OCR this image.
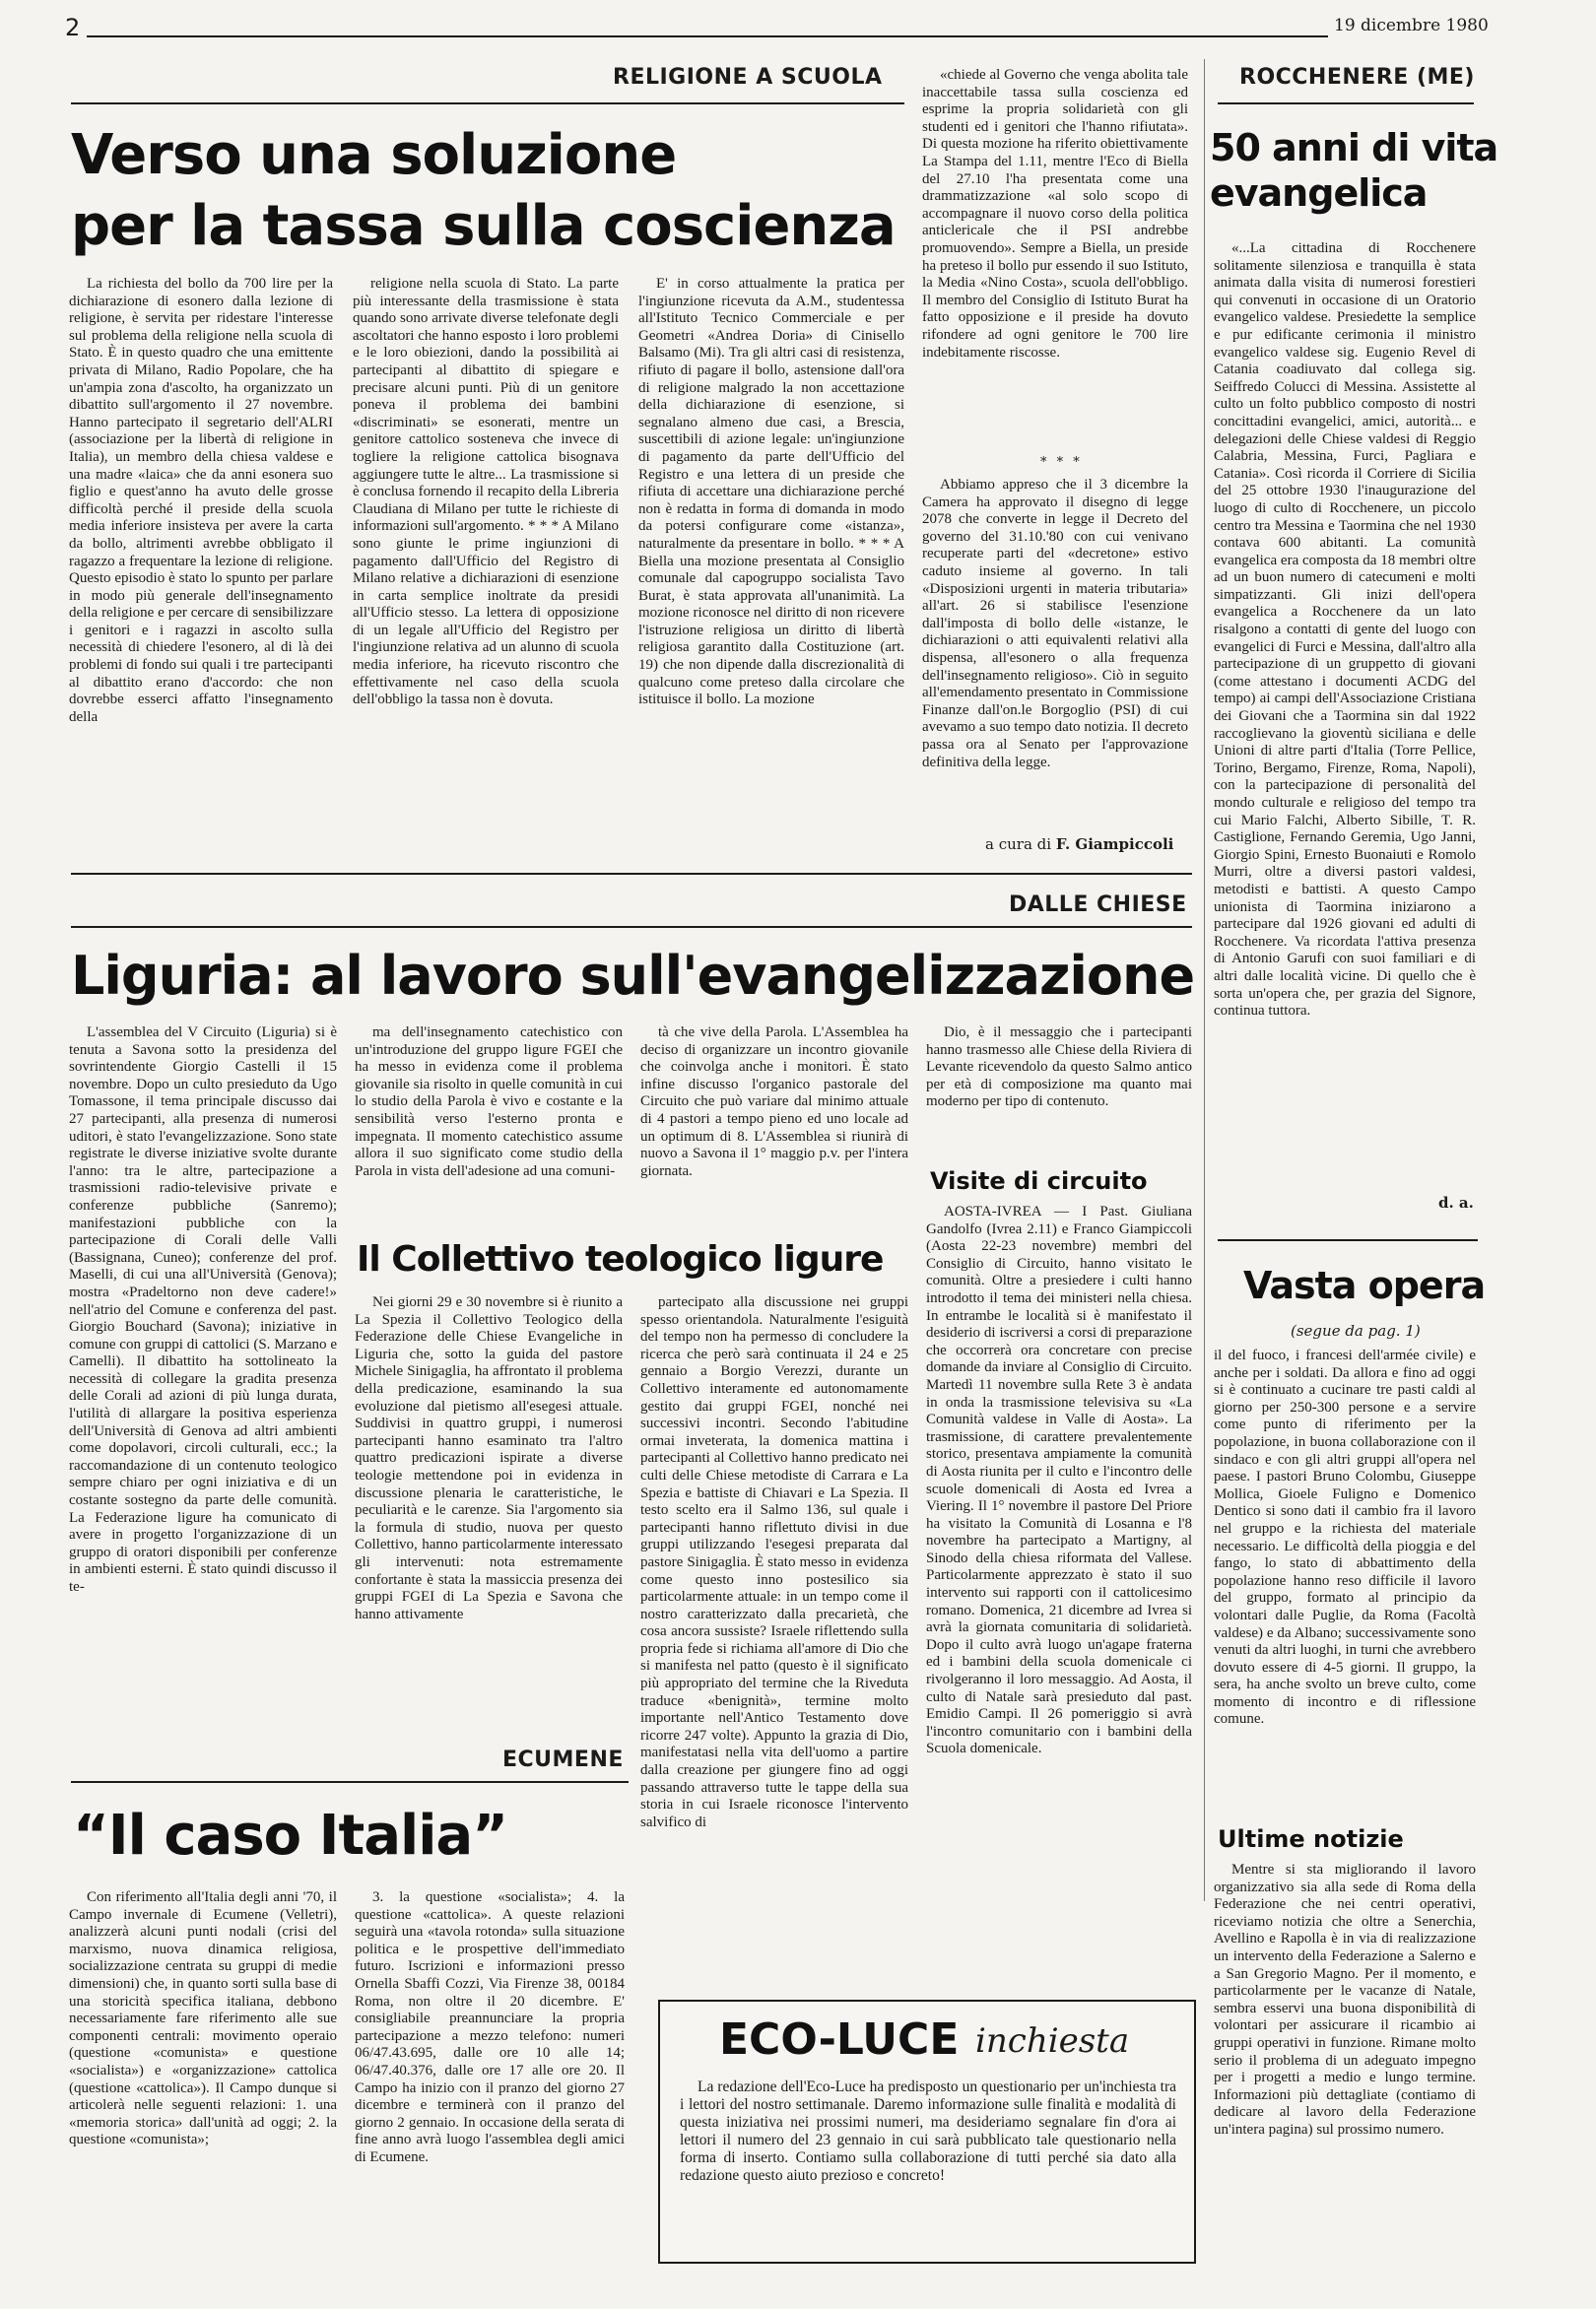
2	19 dicembre 1980
RELIGIONE A SCUOLA
Verso una soluzione
per la tassa sulla coscienza

La richiesta del bollo da 700 lire per la dichiarazione di esonero dalla lezione di religione, è servita per ridestare l'interesse sul problema della religione nella scuola di Stato. È in questo quadro che una emittente privata di Milano, Radio Popolare, che ha un'ampia zona d'ascolto, ha organizzato un dibattito sull'argomento il 27 novembre. Hanno partecipato il segretario dell'ALRI (associazione per la libertà di religione in Italia), un membro della chiesa valdese e una madre «laica» che da anni esonera suo figlio e quest'anno ha avuto delle grosse difficoltà perché il preside della scuola media inferiore insisteva per avere la carta da bollo, altrimenti avrebbe obbligato il ragazzo a frequentare la lezione di religione. Questo episodio è stato lo spunto per parlare in modo più generale dell'insegnamento della religione e per cercare di sensibilizzare i genitori e i ragazzi in ascolto sulla necessità di chiedere l'esonero, al di là dei problemi di fondo sui quali i tre partecipanti al dibattito erano d'accordo: che non dovrebbe esserci affatto l'insegnamento della

religione nella scuola di Stato. La parte più interessante della trasmissione è stata quando sono arrivate diverse telefonate degli ascoltatori che hanno esposto i loro problemi e le loro obiezioni, dando la possibilità ai partecipanti al dibattito di spiegare e precisare alcuni punti. Più di un genitore poneva il problema dei bambini «discriminati» se esonerati, mentre un genitore cattolico sosteneva che invece di togliere la religione cattolica bisognava aggiungere tutte le altre... La trasmissione si è conclusa fornendo il recapito della Libreria Claudiana di Milano per tutte le richieste di informazioni sull'argomento. * * * A Milano sono giunte le prime ingiunzioni di pagamento dall'Ufficio del Registro di Milano relative a dichiarazioni di esenzione in carta semplice inoltrate da presidi all'Ufficio stesso. La lettera di opposizione di un legale all'Ufficio del Registro per l'ingiunzione relativa ad un alunno di scuola media inferiore, ha ricevuto riscontro che effettivamente nel caso della scuola dell'obbligo la tassa non è dovuta.

E' in corso attualmente la pratica per l'ingiunzione ricevuta da A.M., studentessa all'Istituto Tecnico Commerciale e per Geometri «Andrea Doria» di Cinisello Balsamo (Mi). Tra gli altri casi di resistenza, rifiuto di pagare il bollo, astensione dall'ora di religione malgrado la non accettazione della dichiarazione di esenzione, si segnalano almeno due casi, a Brescia, suscettibili di azione legale: un'ingiunzione di pagamento da parte dell'Ufficio del Registro e una lettera di un preside che rifiuta di accettare una dichiarazione perché non è redatta in forma di domanda in modo da potersi configurare come «istanza», naturalmente da presentare in bollo. * * * A Biella una mozione presentata al Consiglio comunale dal capogruppo socialista Tavo Burat, è stata approvata all'unanimità. La mozione riconosce nel diritto di non ricevere l'istruzione religiosa un diritto di libertà religiosa garantito dalla Costituzione (art. 19) che non dipende dalla discrezionalità di qualcuno come preteso dalla circolare che istituisce il bollo. La mozione

«chiede al Governo che venga abolita tale inaccettabile tassa sulla coscienza ed esprime la propria solidarietà con gli studenti ed i genitori che l'hanno rifiutata». Di questa mozione ha riferito obiettivamente La Stampa del 1.11, mentre l'Eco di Biella del 27.10 l'ha presentata come una drammatizzazione «al solo scopo di accompagnare il nuovo corso della politica anticlericale che il PSI andrebbe promuovendo». Sempre a Biella, un preside ha preteso il bollo pur essendo il suo Istituto, la Media «Nino Costa», scuola dell'obbligo. Il membro del Consiglio di Istituto Burat ha fatto opposizione e il preside ha dovuto rifondere ad ogni genitore le 700 lire indebitamente riscosse.

* * *

Abbiamo appreso che il 3 dicembre la Camera ha approvato il disegno di legge 2078 che converte in legge il Decreto del governo del 31.10.'80 con cui venivano recuperate parti del «decretone» estivo caduto insieme al governo. In tali «Disposizioni urgenti in materia tributaria» all'art. 26 si stabilisce l'esenzione dall'imposta di bollo delle «istanze, le dichiarazioni o atti equivalenti relativi alla dispensa, all'esonero o alla frequenza dell'insegnamento religioso». Ciò in seguito all'emendamento presentato in Commissione Finanze dall'on.le Borgoglio (PSI) di cui avevamo a suo tempo dato notizia. Il decreto passa ora al Senato per l'approvazione definitiva della legge.

a cura di F. Giampiccoli
ROCCHENERE (ME)
50 anni di vita
evangelica

«...La cittadina di Rocchenere solitamente silenziosa e tranquilla è stata animata dalla visita di numerosi forestieri qui convenuti in occasione di un Oratorio evangelico valdese. Presiedette la semplice e pur edificante cerimonia il ministro evangelico valdese sig. Eugenio Revel di Catania coadiuvato dal collega sig. Seiffredo Colucci di Messina. Assistette al culto un folto pubblico composto di nostri concittadini evangelici, amici, autorità... e delegazioni delle Chiese valdesi di Reggio Calabria, Messina, Furci, Pagliara e Catania». Così ricorda il Corriere di Sicilia del 25 ottobre 1930 l'inaugurazione del luogo di culto di Rocchenere, un piccolo centro tra Messina e Taormina che nel 1930 contava 600 abitanti. La comunità evangelica era composta da 18 membri oltre ad un buon numero di catecumeni e molti simpatizzanti. Gli inizi dell'opera evangelica a Rocchenere da un lato risalgono a contatti di gente del luogo con evangelici di Furci e Messina, dall'altro alla partecipazione di un gruppetto di giovani (come attestano i documenti ACDG del tempo) ai campi dell'Associazione Cristiana dei Giovani che a Taormina sin dal 1922 raccoglievano la gioventù siciliana e delle Unioni di altre parti d'Italia (Torre Pellice, Torino, Bergamo, Firenze, Roma, Napoli), con la partecipazione di personalità del mondo culturale e religioso del tempo tra cui Mario Falchi, Alberto Sibille, T. R. Castiglione, Fernando Geremia, Ugo Janni, Giorgio Spini, Ernesto Buonaiuti e Romolo Murri, oltre a diversi pastori valdesi, metodisti e battisti. A questo Campo unionista di Taormina iniziarono a partecipare dal 1926 giovani ed adulti di Rocchenere. Va ricordata l'attiva presenza di Antonio Garufi con suoi familiari e di altri dalle località vicine. Di quello che è sorta un'opera che, per grazia del Signore, continua tuttora.

d. a.
DALLE CHIESE
Liguria: al lavoro sull'evangelizzazione

L'assemblea del V Circuito (Liguria) si è tenuta a Savona sotto la presidenza del sovrintendente Giorgio Castelli il 15 novembre. Dopo un culto presieduto da Ugo Tomassone, il tema principale discusso dai 27 partecipanti, alla presenza di numerosi uditori, è stato l'evangelizzazione. Sono state registrate le diverse iniziative svolte durante l'anno: tra le altre, partecipazione a trasmissioni radio-televisive private e conferenze pubbliche (Sanremo); manifestazioni pubbliche con la partecipazione di Corali delle Valli (Bassignana, Cuneo); conferenze del prof. Maselli, di cui una all'Università (Genova); mostra «Pradeltorno non deve cadere!» nell'atrio del Comune e conferenza del past. Giorgio Bouchard (Savona); iniziative in comune con gruppi di cattolici (S. Marzano e Camelli). Il dibattito ha sottolineato la necessità di collegare la gradita presenza delle Corali ad azioni di più lunga durata, l'utilità di allargare la positiva esperienza dell'Università di Genova ad altri ambienti come dopolavori, circoli culturali, ecc.; la raccomandazione di un contenuto teologico sempre chiaro per ogni iniziativa e di un costante sostegno da parte delle comunità. La Federazione ligure ha comunicato di avere in progetto l'organizzazione di un gruppo di oratori disponibili per conferenze in ambienti esterni. È stato quindi discusso il te-

ma dell'insegnamento catechistico con un'introduzione del gruppo ligure FGEI che ha messo in evidenza come il problema giovanile sia risolto in quelle comunità in cui lo studio della Parola è vivo e costante e la sensibilità verso l'esterno pronta e impegnata. Il momento catechistico assume allora il suo significato come studio della Parola in vista dell'adesione ad una comuni-

tà che vive della Parola. L'Assemblea ha deciso di organizzare un incontro giovanile che coinvolga anche i monitori. È stato infine discusso l'organico pastorale del Circuito che può variare dal minimo attuale di 4 pastori a tempo pieno ed uno locale ad un optimum di 8. L'Assemblea si riunirà di nuovo a Savona il 1° maggio p.v. per l'intera giornata.

Dio, è il messaggio che i partecipanti hanno trasmesso alle Chiese della Riviera di Levante ricevendolo da questo Salmo antico per età di composizione ma quanto mai moderno per tipo di contenuto.

Il Collettivo teologico ligure

Nei giorni 29 e 30 novembre si è riunito a La Spezia il Collettivo Teologico della Federazione delle Chiese Evangeliche in Liguria che, sotto la guida del pastore Michele Sinigaglia, ha affrontato il problema della predicazione, esaminando la sua evoluzione dal pietismo all'esegesi attuale. Suddivisi in quattro gruppi, i numerosi partecipanti hanno esaminato tra l'altro quattro predicazioni ispirate a diverse teologie mettendone poi in evidenza in discussione plenaria le caratteristiche, le peculiarità e le carenze. Sia l'argomento sia la formula di studio, nuova per questo Collettivo, hanno particolarmente interessato gli intervenuti: nota estremamente confortante è stata la massiccia presenza dei gruppi FGEI di La Spezia e Savona che hanno attivamente

partecipato alla discussione nei gruppi spesso orientandola. Naturalmente l'esiguità del tempo non ha permesso di concludere la ricerca che però sarà continuata il 24 e 25 gennaio a Borgio Verezzi, durante un Collettivo interamente ed autonomamente gestito dai gruppi FGEI, nonché nei successivi incontri. Secondo l'abitudine ormai inveterata, la domenica mattina i partecipanti al Collettivo hanno predicato nei culti delle Chiese metodiste di Carrara e La Spezia e battiste di Chiavari e La Spezia. Il testo scelto era il Salmo 136, sul quale i partecipanti hanno riflettuto divisi in due gruppi utilizzando l'esegesi preparata dal pastore Sinigaglia. È stato messo in evidenza come questo inno postesilico sia particolarmente attuale: in un tempo come il nostro caratterizzato dalla precarietà, che cosa ancora sussiste? Israele riflettendo sulla propria fede si richiama all'amore di Dio che si manifesta nel patto (questo è il significato più appropriato del termine che la Riveduta traduce «benignità», termine molto importante nell'Antico Testamento dove ricorre 247 volte). Appunto la grazia di Dio, manifestatasi nella vita dell'uomo a partire dalla creazione per giungere fino ad oggi passando attraverso tutte le tappe della sua storia in cui Israele riconosce l'intervento salvifico di

Visite di circuito

AOSTA-IVREA — I Past. Giuliana Gandolfo (Ivrea 2.11) e Franco Giampiccoli (Aosta 22-23 novembre) membri del Consiglio di Circuito, hanno visitato le comunità. Oltre a presiedere i culti hanno introdotto il tema dei ministeri nella chiesa. In entrambe le località si è manifestato il desiderio di iscriversi a corsi di preparazione che occorrerà ora concretare con precise domande da inviare al Consiglio di Circuito. Martedì 11 novembre sulla Rete 3 è andata in onda la trasmissione televisiva su «La Comunità valdese in Valle di Aosta». La trasmissione, di carattere prevalentemente storico, presentava ampiamente la comunità di Aosta riunita per il culto e l'incontro delle scuole domenicali di Aosta ed Ivrea a Viering. Il 1° novembre il pastore Del Priore ha visitato la Comunità di Losanna e l'8 novembre ha partecipato a Martigny, al Sinodo della chiesa riformata del Vallese. Particolarmente apprezzato è stato il suo intervento sui rapporti con il cattolicesimo romano. Domenica, 21 dicembre ad Ivrea si avrà la giornata comunitaria di solidarietà. Dopo il culto avrà luogo un'agape fraterna ed i bambini della scuola domenicale ci rivolgeranno il loro messaggio. Ad Aosta, il culto di Natale sarà presieduto dal past. Emidio Campi. Il 26 pomeriggio si avrà l'incontro comunitario con i bambini della Scuola domenicale.

ECUMENE
“Il caso Italia”

Con riferimento all'Italia degli anni '70, il Campo invernale di Ecumene (Velletri), analizzerà alcuni punti nodali (crisi del marxismo, nuova dinamica religiosa, socializzazione centrata su gruppi di medie dimensioni) che, in quanto sorti sulla base di una storicità specifica italiana, debbono necessariamente fare riferimento alle sue componenti centrali: movimento operaio (questione «comunista» e questione «socialista») e «organizzazione» cattolica (questione «cattolica»). Il Campo dunque si articolerà nelle seguenti relazioni: 1. una «memoria storica» dall'unità ad oggi; 2. la questione «comunista»;

3. la questione «socialista»; 4. la questione «cattolica». A queste relazioni seguirà una «tavola rotonda» sulla situazione politica e le prospettive dell'immediato futuro. Iscrizioni e informazioni presso Ornella Sbaffi Cozzi, Via Firenze 38, 00184 Roma, non oltre il 20 dicembre. E' consigliabile preannunciare la propria partecipazione a mezzo telefono: numeri 06/47.43.695, dalle ore 10 alle 14; 06/47.40.376, dalle ore 17 alle ore 20. Il Campo ha inizio con il pranzo del giorno 27 dicembre e terminerà con il pranzo del giorno 2 gennaio. In occasione della serata di fine anno avrà luogo l'assemblea degli amici di Ecumene.

ECO-LUCE inchiesta

La redazione dell'Eco-Luce ha predisposto un questionario per un'inchiesta tra i lettori del nostro settimanale. Daremo informazione sulle finalità e modalità di questa iniziativa nei prossimi numeri, ma desideriamo segnalare fin d'ora ai lettori il numero del 23 gennaio in cui sarà pubblicato tale questionario nella forma di inserto. Contiamo sulla collaborazione di tutti perché sia dato alla redazione questo aiuto prezioso e concreto!

Vasta opera
(segue da pag. 1)

il del fuoco, i francesi dell'armée civile) e anche per i soldati. Da allora e fino ad oggi si è continuato a cucinare tre pasti caldi al giorno per 250-300 persone e a servire come punto di riferimento per la popolazione, in buona collaborazione con il sindaco e con gli altri gruppi all'opera nel paese. I pastori Bruno Colombu, Giuseppe Mollica, Gioele Fuligno e Domenico Dentico si sono dati il cambio fra il lavoro nel gruppo e la richiesta del materiale necessario. Le difficoltà della pioggia e del fango, lo stato di abbattimento della popolazione hanno reso difficile il lavoro del gruppo, formato al principio da volontari dalle Puglie, da Roma (Facoltà valdese) e da Albano; successivamente sono venuti da altri luoghi, in turni che avrebbero dovuto essere di 4-5 giorni. Il gruppo, la sera, ha anche svolto un breve culto, come momento di incontro e di riflessione comune.

Ultime notizie

Mentre si sta migliorando il lavoro organizzativo sia alla sede di Roma della Federazione che nei centri operativi, riceviamo notizia che oltre a Senerchia, Avellino e Rapolla è in via di realizzazione un intervento della Federazione a Salerno e a San Gregorio Magno. Per il momento, e particolarmente per le vacanze di Natale, sembra esservi una buona disponibilità di volontari per assicurare il ricambio ai gruppi operativi in funzione. Rimane molto serio il problema di un adeguato impegno per i progetti a medio e lungo termine. Informazioni più dettagliate (contiamo di dedicare al lavoro della Federazione un'intera pagina) sul prossimo numero.
